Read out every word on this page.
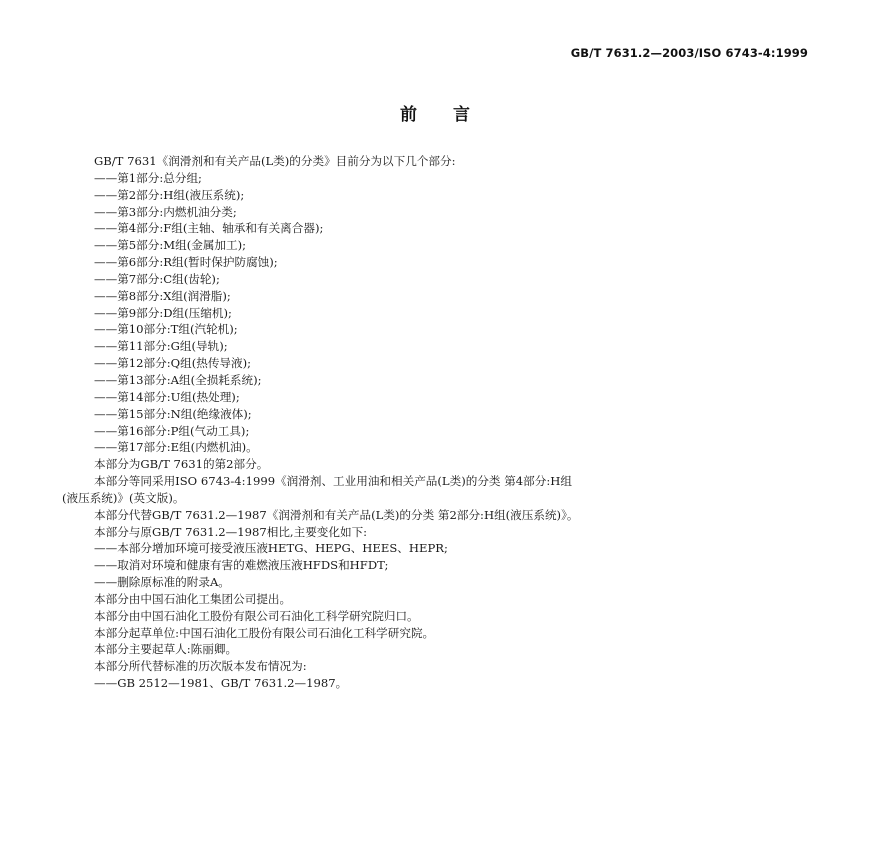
GB/T 7631.2—2003/ISO 6743-4:1999
前言

GB/T 7631《润滑剂和有关产品(L类)的分类》目前分为以下几个部分:

——第1部分:总分组;

——第2部分:H组(液压系统);

——第3部分:内燃机油分类;

——第4部分:F组(主轴、轴承和有关离合器);

——第5部分:M组(金属加工);

——第6部分:R组(暂时保护防腐蚀);

——第7部分:C组(齿轮);

——第8部分:X组(润滑脂);

——第9部分:D组(压缩机);

——第10部分:T组(汽轮机);

——第11部分:G组(导轨);

——第12部分:Q组(热传导液);

——第13部分:A组(全损耗系统);

——第14部分:U组(热处理);

——第15部分:N组(绝缘液体);

——第16部分:P组(气动工具);

——第17部分:E组(内燃机油)。

本部分为GB/T 7631的第2部分。

本部分等同采用ISO 6743-4:1999《润滑剂、工业用油和相关产品(L类)的分类 第4部分:H组

(液压系统)》(英文版)。

本部分代替GB/T 7631.2—1987《润滑剂和有关产品(L类)的分类 第2部分:H组(液压系统)》。

本部分与原GB/T 7631.2—1987相比,主要变化如下:

——本部分增加环境可接受液压液HETG、HEPG、HEES、HEPR;

——取消对环境和健康有害的难燃液压液HFDS和HFDT;

——删除原标准的附录A。

本部分由中国石油化工集团公司提出。

本部分由中国石油化工股份有限公司石油化工科学研究院归口。

本部分起草单位:中国石油化工股份有限公司石油化工科学研究院。

本部分主要起草人:陈丽卿。

本部分所代替标准的历次版本发布情况为:

——GB 2512—1981、GB/T 7631.2—1987。
